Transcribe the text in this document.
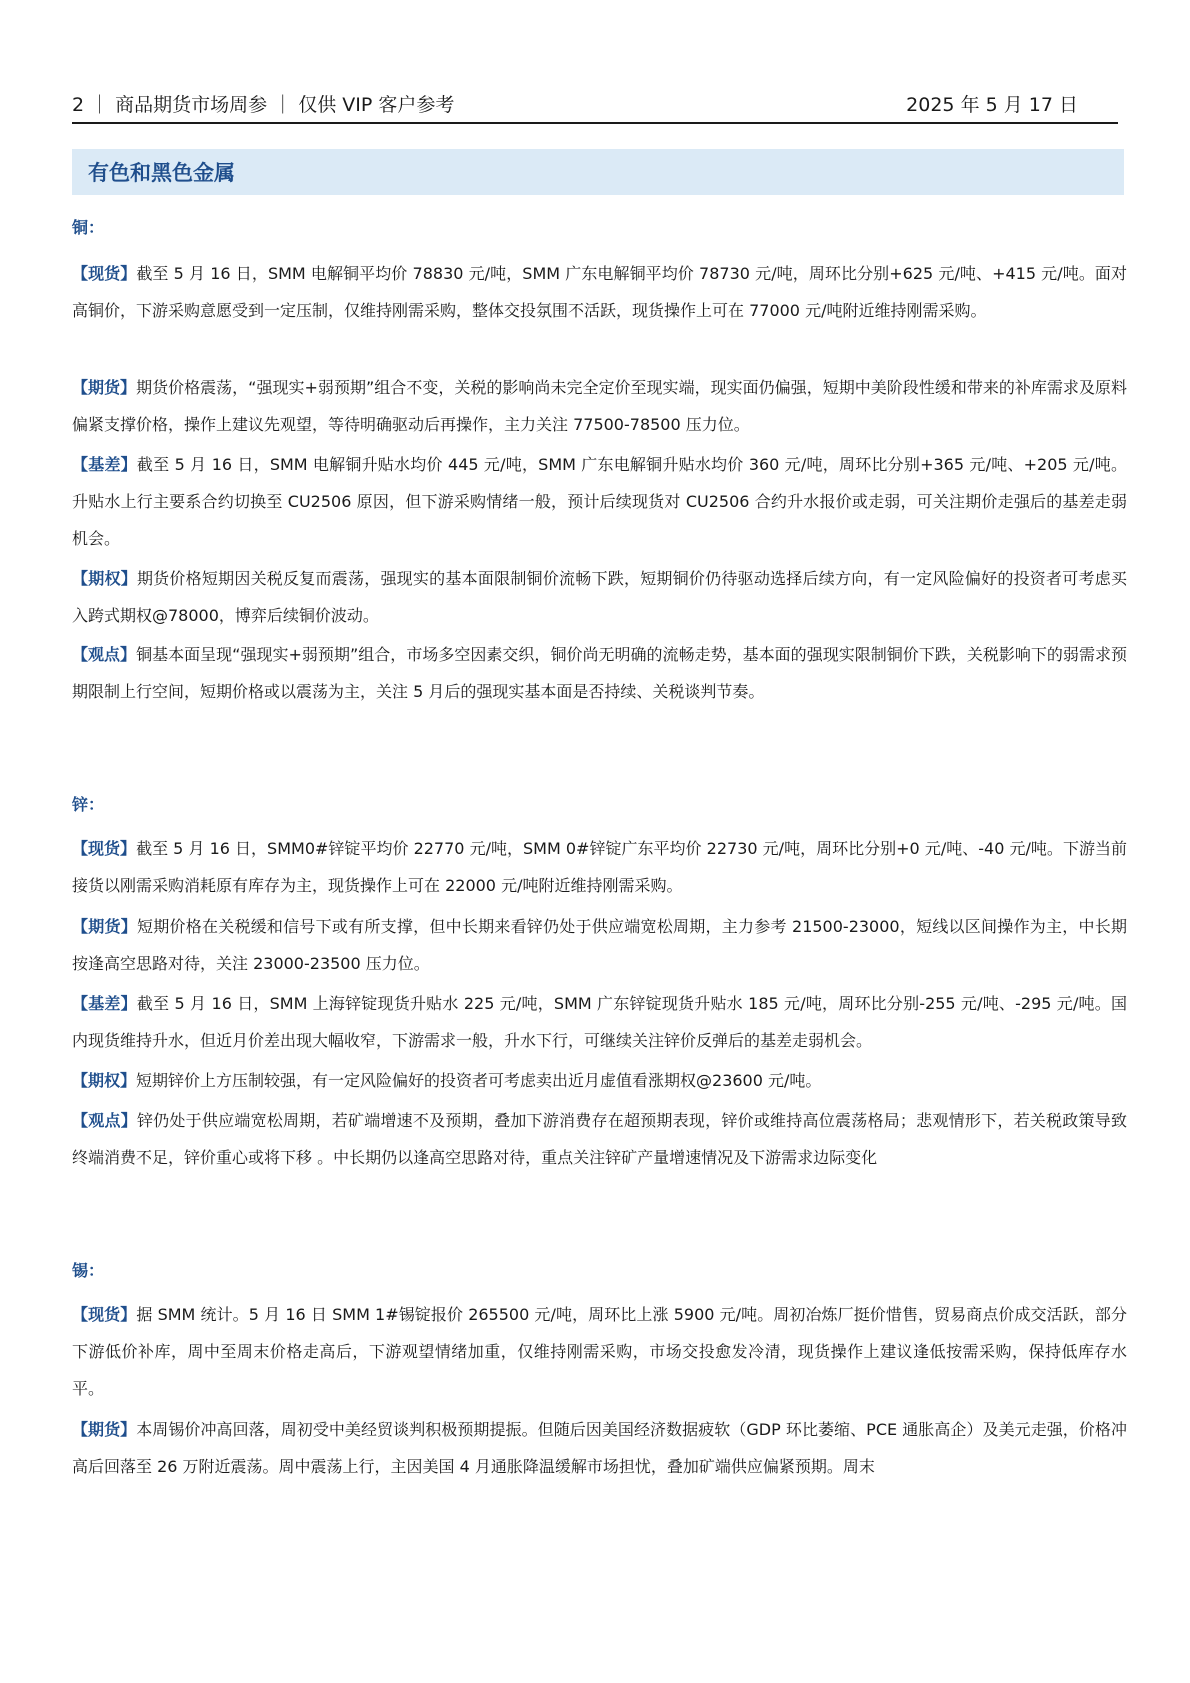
2 ｜ 商品期货市场周参 ｜ 仅供 VIP 客户参考	2025 年 5 月 17 日
有色和黑色金属
铜：
【现货】截至 5 月 16 日，SMM 电解铜平均价 78830 元/吨，SMM 广东电解铜平均价 78730 元/吨，周环比分别+625 元/吨、+415 元/吨。面对高铜价，下游采购意愿受到一定压制，仅维持刚需采购，整体交投氛围不活跃，现货操作上可在 77000 元/吨附近维持刚需采购。
【期货】期货价格震荡，“强现实+弱预期”组合不变，关税的影响尚未完全定价至现实端，现实面仍偏强，短期中美阶段性缓和带来的补库需求及原料偏紧支撑价格，操作上建议先观望，等待明确驱动后再操作，主力关注 77500-78500 压力位。
【基差】截至 5 月 16 日，SMM 电解铜升贴水均价 445 元/吨，SMM 广东电解铜升贴水均价 360 元/吨，周环比分别+365 元/吨、+205 元/吨。升贴水上行主要系合约切换至 CU2506 原因，但下游采购情绪一般，预计后续现货对 CU2506 合约升水报价或走弱，可关注期价走强后的基差走弱机会。
【期权】期货价格短期因关税反复而震荡，强现实的基本面限制铜价流畅下跌，短期铜价仍待驱动选择后续方向，有一定风险偏好的投资者可考虑买入跨式期权@78000，博弈后续铜价波动。
【观点】铜基本面呈现“强现实+弱预期”组合，市场多空因素交织，铜价尚无明确的流畅走势，基本面的强现实限制铜价下跌，关税影响下的弱需求预期限制上行空间，短期价格或以震荡为主，关注 5 月后的强现实基本面是否持续、关税谈判节奏。
锌：
【现货】截至 5 月 16 日，SMM0#锌锭平均价 22770 元/吨，SMM 0#锌锭广东平均价 22730 元/吨，周环比分别+0 元/吨、-40 元/吨。下游当前接货以刚需采购消耗原有库存为主，现货操作上可在 22000 元/吨附近维持刚需采购。
【期货】短期价格在关税缓和信号下或有所支撑，但中长期来看锌仍处于供应端宽松周期，主力参考 21500-23000，短线以区间操作为主，中长期按逢高空思路对待，关注 23000-23500 压力位。
【基差】截至 5 月 16 日，SMM 上海锌锭现货升贴水 225 元/吨，SMM 广东锌锭现货升贴水 185 元/吨，周环比分别-255 元/吨、-295 元/吨。国内现货维持升水，但近月价差出现大幅收窄，下游需求一般，升水下行，可继续关注锌价反弹后的基差走弱机会。
【期权】短期锌价上方压制较强，有一定风险偏好的投资者可考虑卖出近月虚值看涨期权@23600 元/吨。
【观点】锌仍处于供应端宽松周期，若矿端增速不及预期，叠加下游消费存在超预期表现，锌价或维持高位震荡格局；悲观情形下，若关税政策导致终端消费不足，锌价重心或将下移 。中长期仍以逢高空思路对待，重点关注锌矿产量增速情况及下游需求边际变化
锡：
【现货】据 SMM 统计。5 月 16 日 SMM 1#锡锭报价 265500 元/吨，周环比上涨 5900 元/吨。周初冶炼厂挺价惜售，贸易商点价成交活跃，部分下游低价补库，周中至周末价格走高后，下游观望情绪加重，仅维持刚需采购，市场交投愈发冷清，现货操作上建议逢低按需采购，保持低库存水平。
【期货】本周锡价冲高回落，周初受中美经贸谈判积极预期提振。但随后因美国经济数据疲软（GDP 环比萎缩、PCE 通胀高企）及美元走强，价格冲高后回落至 26 万附近震荡。周中震荡上行，主因美国 4 月通胀降温缓解市场担忧，叠加矿端供应偏紧预期。周末
